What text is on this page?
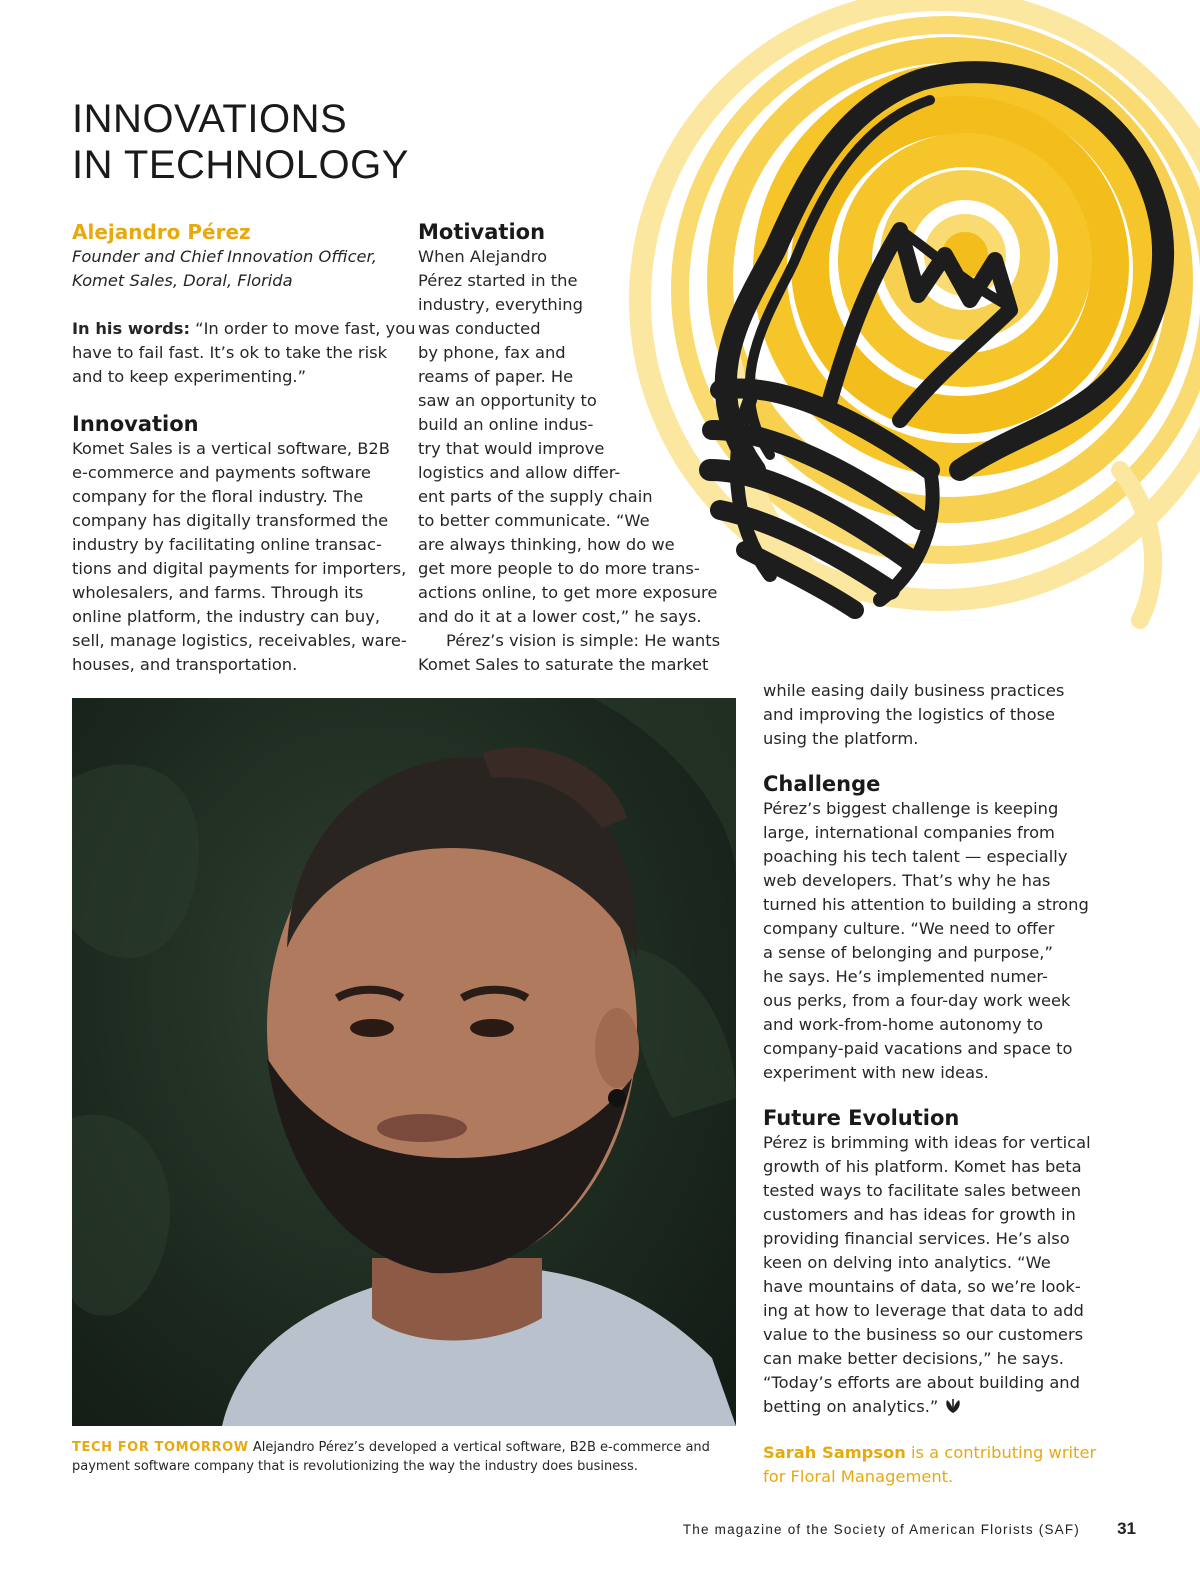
INNOVATIONS
IN TECHNOLOGY
Alejandro Pérez
Founder and Chief Innovation Officer,
Komet Sales, Doral, Florida
In his words: “In order to move fast, you
have to fail fast. It’s ok to take the risk
and to keep experimenting.”
Innovation
Komet Sales is a vertical software, B2B
e-commerce and payments software
company for the floral industry. The
company has digitally transformed the
industry by facilitating online transac-
tions and digital payments for importers,
wholesalers, and farms. Through its
online platform, the industry can buy,
sell, manage logistics, receivables, ware-
houses, and transportation.
Motivation
When Alejandro
Pérez started in the
industry, everything
was conducted
by phone, fax and
reams of paper. He
saw an opportunity to
build an online indus-
try that would improve
logistics and allow differ-
ent parts of the supply chain
to better communicate. “We
are always thinking, how do we
get more people to do more trans-
actions online, to get more exposure
and do it at a lower cost,” he says.
Pérez’s vision is simple: He wants
Komet Sales to saturate the market
TECH FOR TOMORROW Alejandro Pérez’s developed a vertical software, B2B e-commerce and
payment software company that is revolutionizing the way the industry does business.
while easing daily business practices
and improving the logistics of those
using the platform.
Challenge
Pérez’s biggest challenge is keeping
large, international companies from
poaching his tech talent — especially
web developers. That’s why he has
turned his attention to building a strong
company culture. “We need to offer
a sense of belonging and purpose,”
he says. He’s implemented numer-
ous perks, from a four-day work week
and work-from-home autonomy to
company-paid vacations and space to
experiment with new ideas.
Future Evolution
Pérez is brimming with ideas for vertical
growth of his platform. Komet has beta
tested ways to facilitate sales between
customers and has ideas for growth in
providing financial services. He’s also
keen on delving into analytics. “We
have mountains of data, so we’re look-
ing at how to leverage that data to add
value to the business so our customers
can make better decisions,” he says.
“Today’s efforts are about building and
betting on analytics.”
Sarah Sampson is a contributing writer
for Floral Management.
The magazine of the Society of American Florists (SAF)	31
